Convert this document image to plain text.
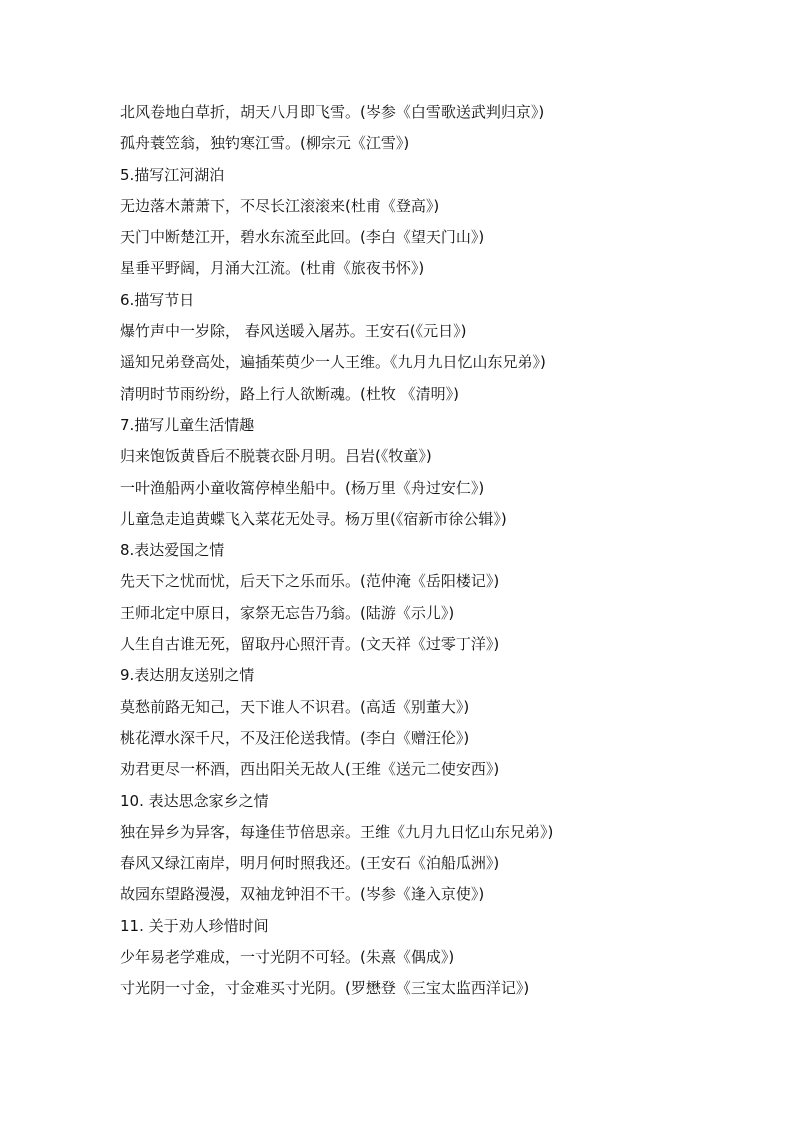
北风卷地白草折，胡天八月即飞雪。(岑参《白雪歌送武判归京》)
孤舟蓑笠翁，独钓寒江雪。(柳宗元《江雪》)
5.描写江河湖泊
无边落木萧萧下，不尽长江滚滚来(杜甫《登高》)
天门中断楚江开，碧水东流至此回。(李白《望天门山》)
星垂平野阔，月涌大江流。(杜甫《旅夜书怀》)
6.描写节日
爆竹声中一岁除， 春风送暖入屠苏。王安石(《元日》)
遥知兄弟登高处，遍插茱萸少一人王维。《九月九日忆山东兄弟》)
清明时节雨纷纷，路上行人欲断魂。(杜牧 《清明》)
7.描写儿童生活情趣
归来饱饭黄昏后不脱蓑衣卧月明。吕岩(《牧童》)
一叶渔船两小童收篙停棹坐船中。(杨万里《舟过安仁》)
儿童急走追黄蝶飞入菜花无处寻。杨万里(《宿新市徐公辑》)
8.表达爱国之情
先天下之忧而忧，后天下之乐而乐。(范仲淹《岳阳楼记》)
王师北定中原日，家祭无忘告乃翁。(陆游《示儿》)
人生自古谁无死，留取丹心照汗青。(文天祥《过零丁洋》)
9.表达朋友送别之情
莫愁前路无知己，天下谁人不识君。(高适《别董大》)
桃花潭水深千尺，不及汪伦送我情。(李白《赠汪伦》)
劝君更尽一杯酒，西出阳关无故人(王维《送元二使安西》)
10. 表达思念家乡之情
独在异乡为异客，每逢佳节倍思亲。王维《九月九日忆山东兄弟》)
春风又绿江南岸，明月何时照我还。(王安石《泊船瓜洲》)
故园东望路漫漫，双袖龙钟泪不干。(岑参《逢入京使》)
11. 关于劝人珍惜时间
少年易老学难成，一寸光阴不可轻。(朱熹《偶成》)
寸光阴一寸金，寸金难买寸光阴。(罗懋登《三宝太监西洋记》)
